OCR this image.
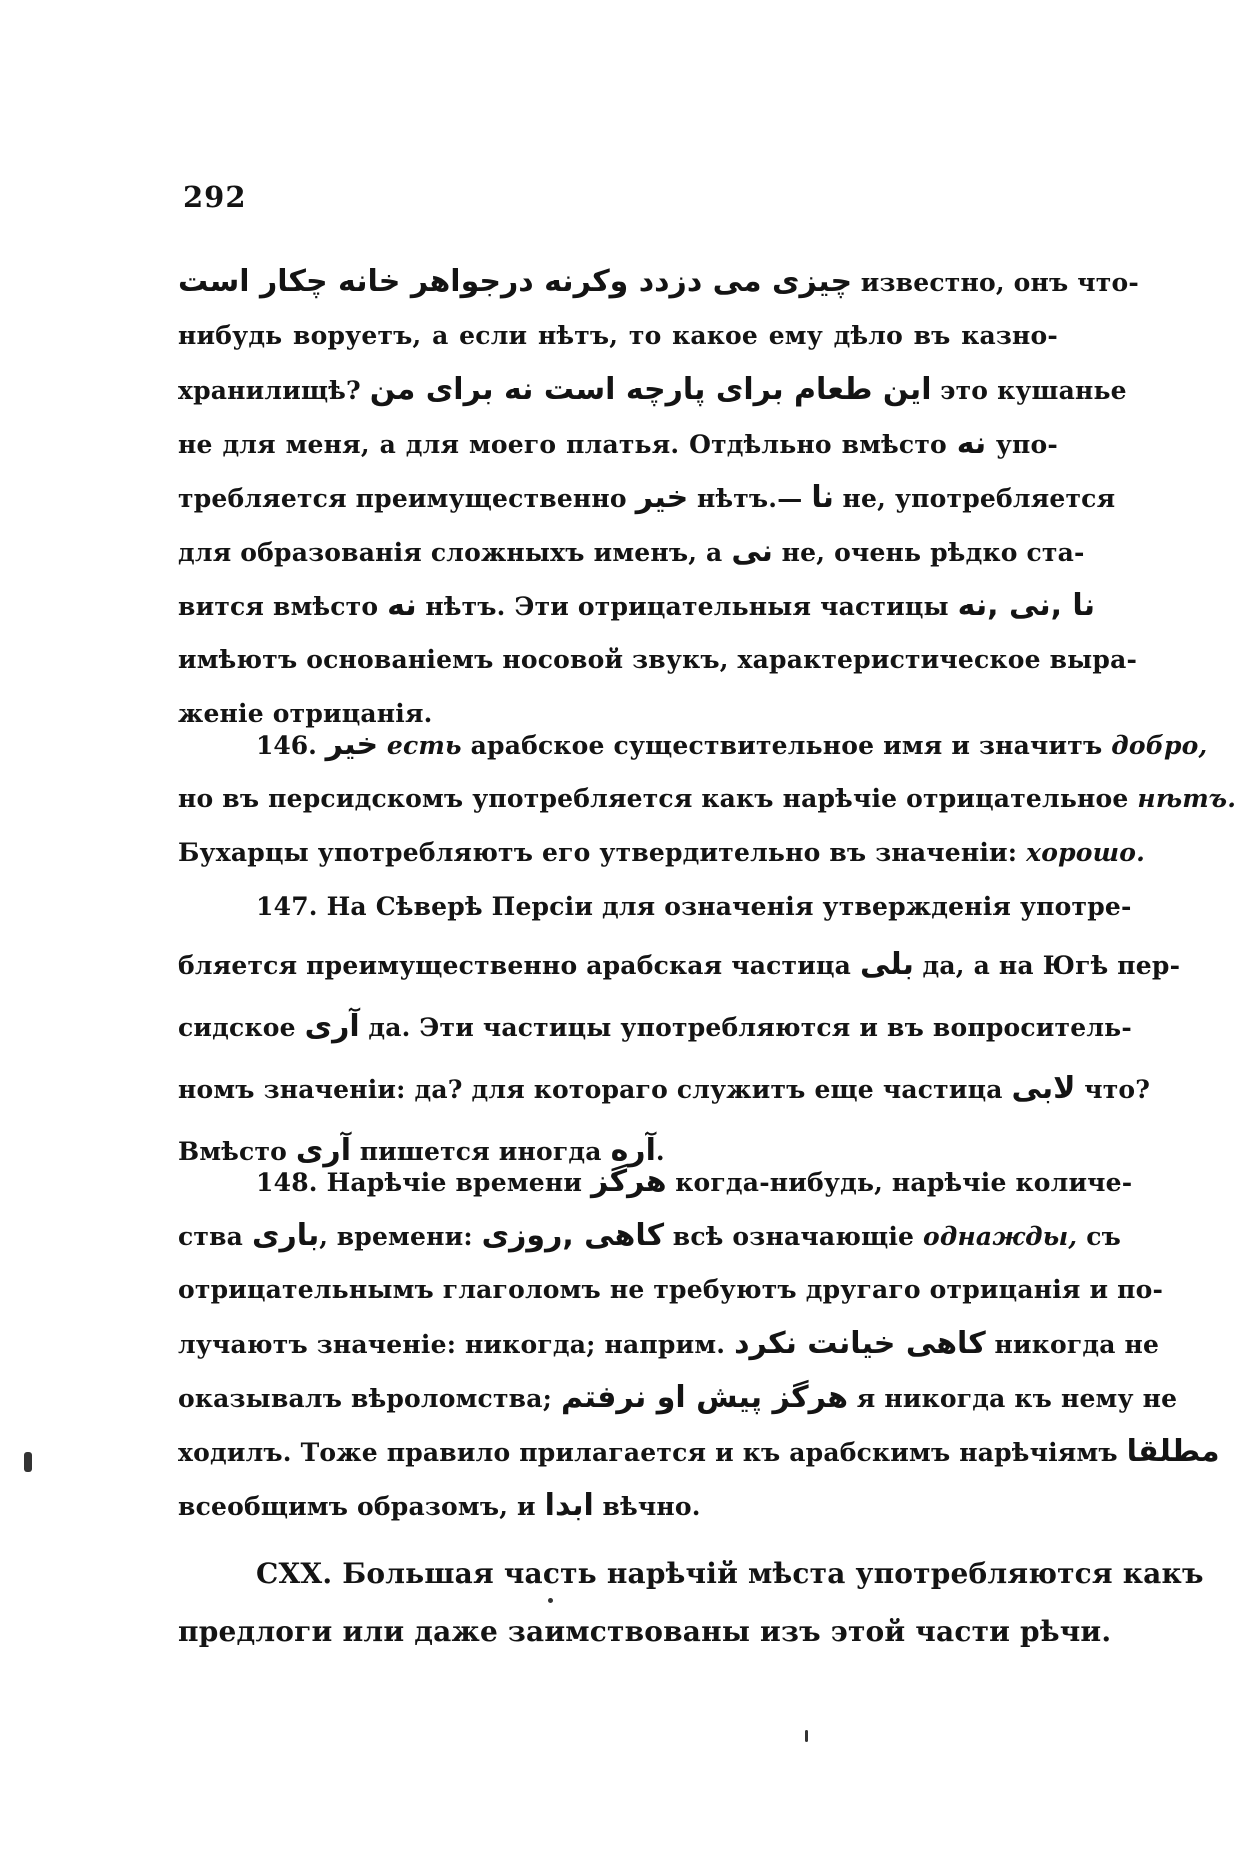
292
چیزی می دزدد وکرنه درجواهر خانه چکار است известно, онъ что-
нибудь воруетъ, а если нѣтъ, то какое ему дѣло въ казно-
хранилищѣ? این طعام برای پارچه است نه برای من это кушанье
не для меня, а для моего платья. Отдѣльно вмѣсто نه упо-
требляется преимущественно خیر нѣтъ.— نا не, употребляется
для образованія сложныхъ именъ, а نی не, очень рѣдко ста-
вится вмѣсто نه нѣтъ. Эти отрицательныя частицы نا ,نی ,نه
имѣютъ основаніемъ носовой звукъ, характеристическое выра-
женіе отрицанія.
146. خیر есть арабское существительное имя и значитъ добро,
но въ персидскомъ употребляется какъ нарѣчіе отрицательное нѣтъ.
Бухарцы употребляютъ его утвердительно въ значеніи: хорошо.
147. На Сѣверѣ Персіи для означенія утвержденія употре-
бляется преимущественно арабская частица بلی да, а на Югѣ пер-
сидское آری да. Эти частицы употребляются и въ вопроситель-
номъ значеніи: да? для котораго служитъ еще частица لابی что?
Вмѣсто آری пишется иногда آره.
148. Нарѣчіе времени هرگز когда-нибудь, нарѣчіе количе-
ства باری, времени: کاهی ,روزی всѣ означающіе однажды, съ
отрицательнымъ глаголомъ не требуютъ другаго отрицанія и по-
лучаютъ значеніе: никогда; наприм. کاهی خیانت نکرد никогда не
оказывалъ вѣроломства; هرگز پیش او نرفتم я никогда къ нему не
ходилъ. Тоже правило прилагается и къ арабскимъ нарѣчіямъ مطلقا
всеобщимъ образомъ, и ابدا вѣчно.
CXX. Большая часть нарѣчій мѣста употребляются какъ
предлоги или даже заимствованы изъ этой части рѣчи.
